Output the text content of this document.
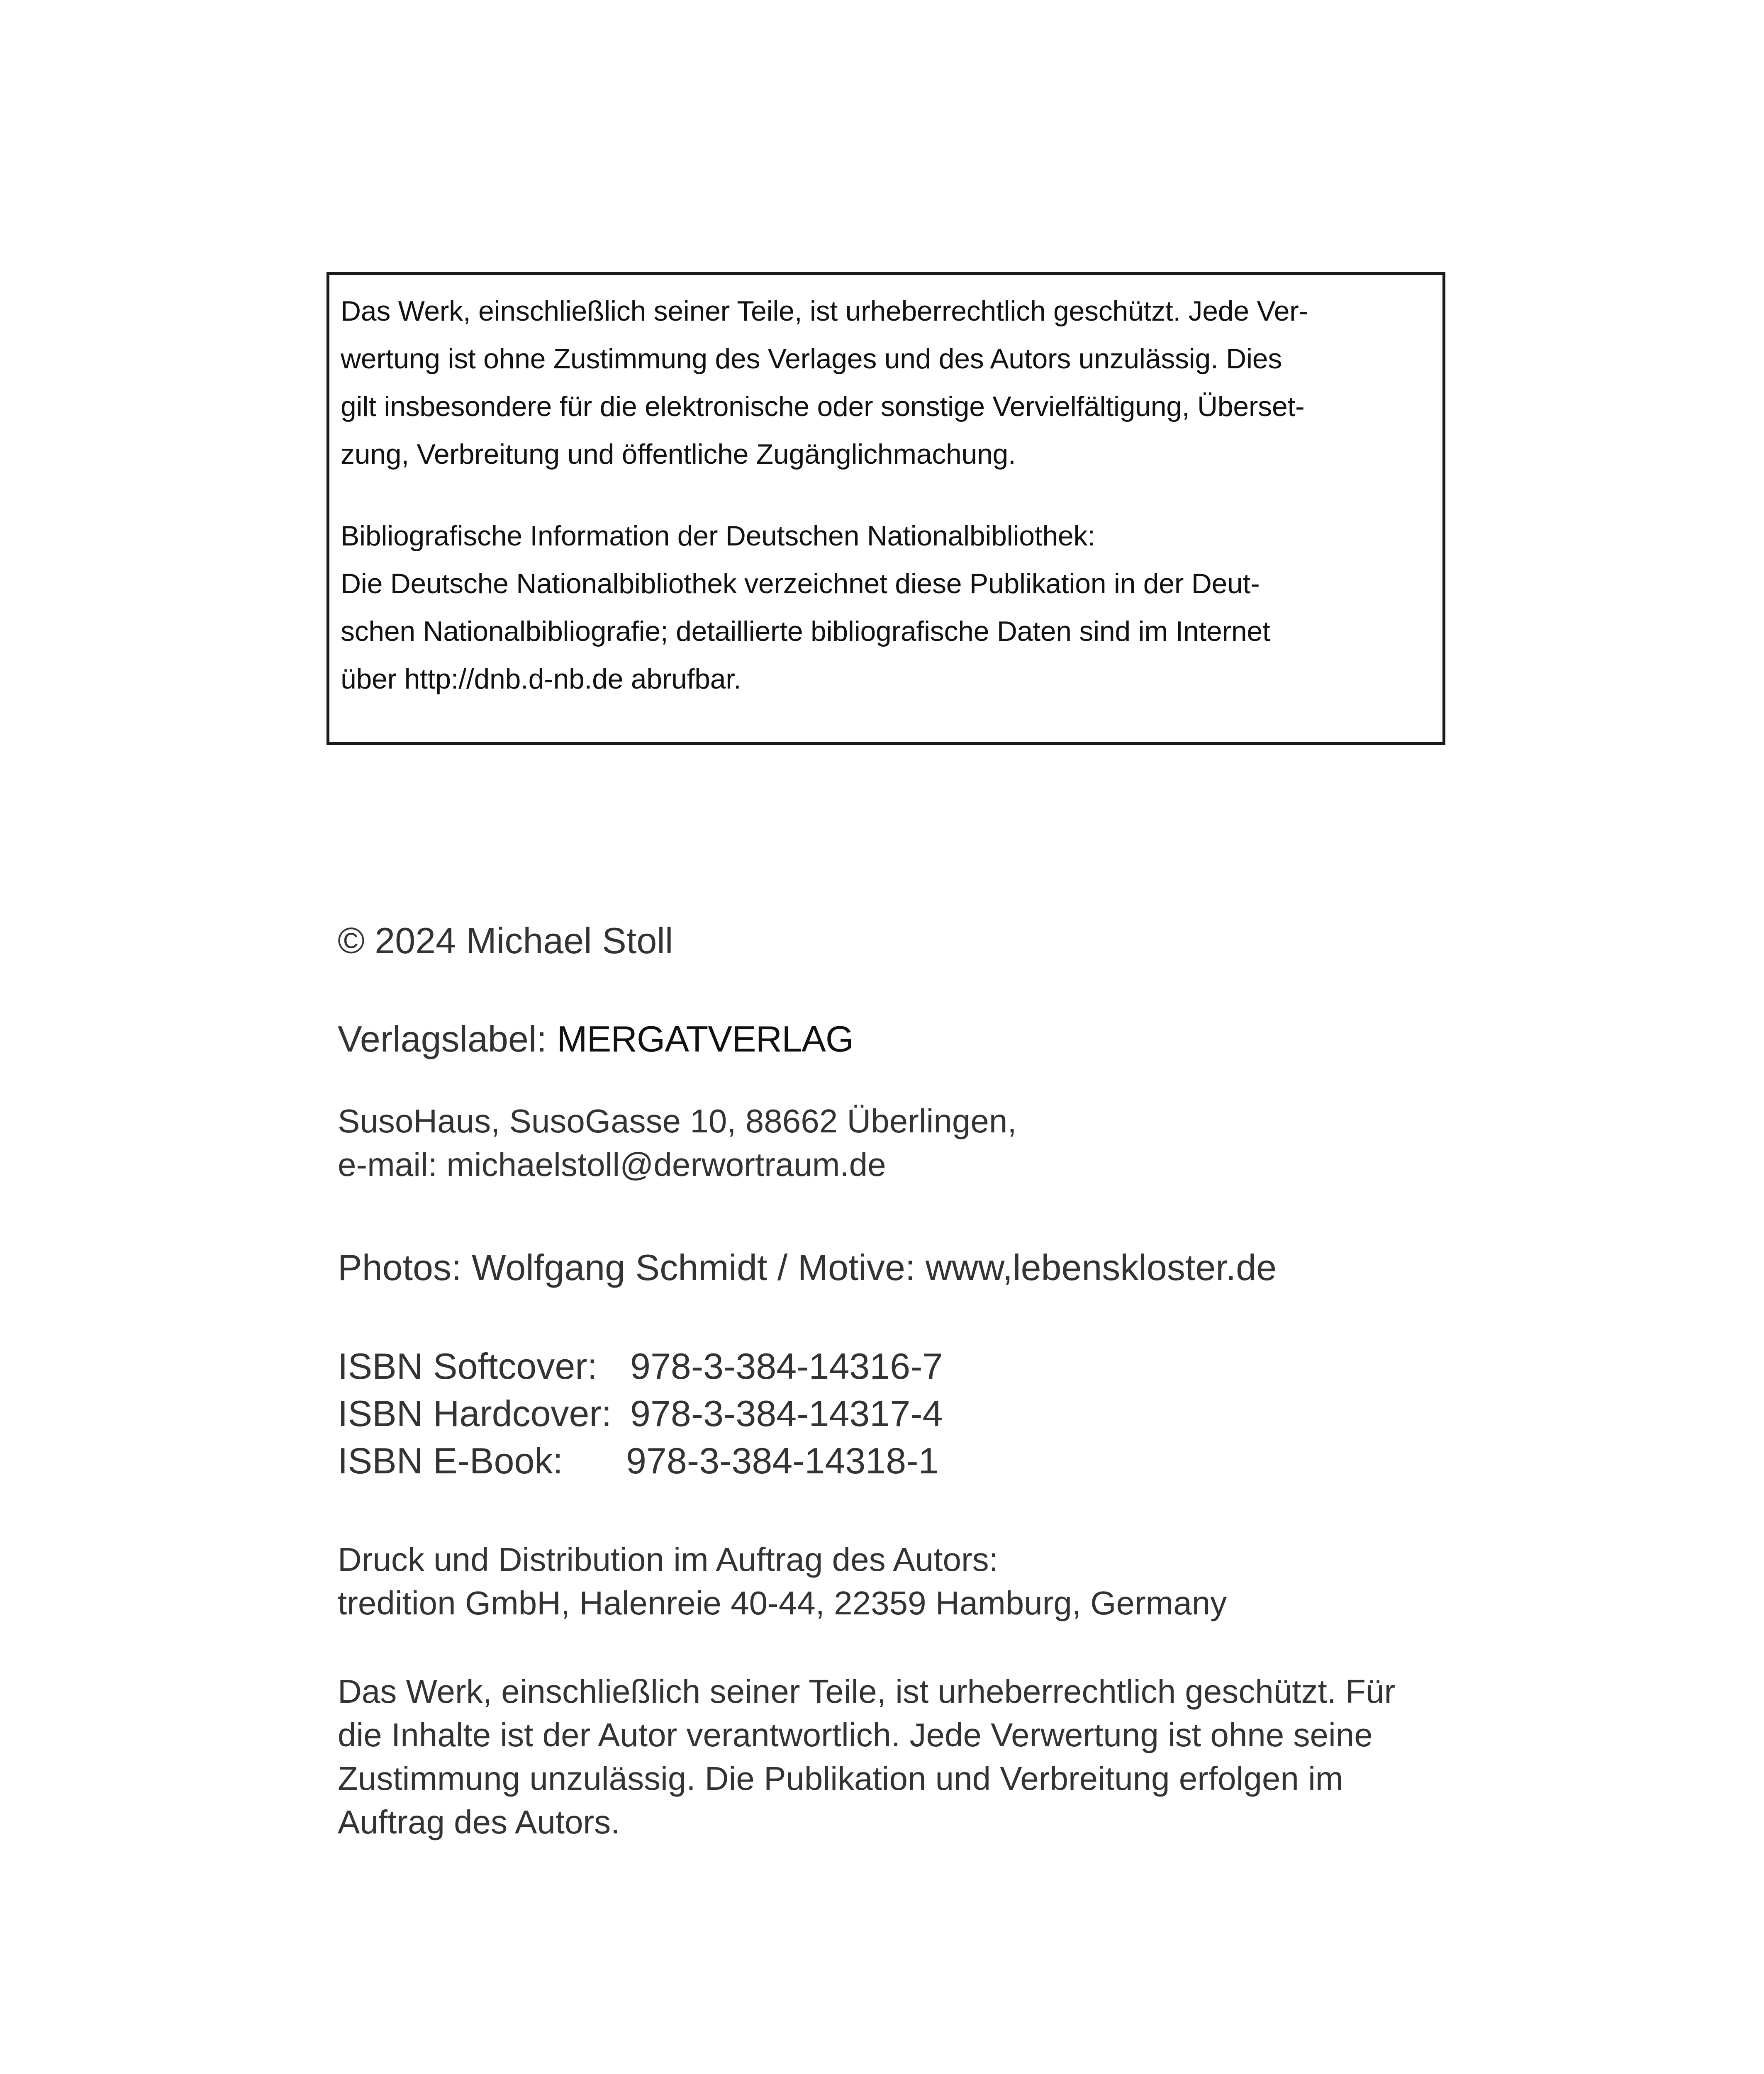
Das Werk, einschließlich seiner Teile, ist urheberrechtlich geschützt. Jede Ver-
wertung ist ohne Zustimmung des Verlages und des Autors unzulässig. Dies
gilt insbesondere für die elektronische oder sonstige Vervielfältigung, Überset-
zung, Verbreitung und öffentliche Zugänglichmachung.

Bibliografische Information der Deutschen Nationalbibliothek:
Die Deutsche Nationalbibliothek verzeichnet diese Publikation in der Deut-
schen Nationalbibliografie; detaillierte bibliografische Daten sind im Internet
über http://dnb.d-nb.de abrufbar.

© 2024 Michael Stoll
Verlagslabel: MERGATVERLAG
SusoHaus, SusoGasse 10, 88662 Überlingen,
e-mail: michaelstoll@derwortraum.de
Photos: Wolfgang Schmidt / Motive: www,lebenskloster.de
ISBN Softcover: 978-3-384-14316-7
ISBN Hardcover: 978-3-384-14317-4
ISBN E-Book: 978-3-384-14318-1
Druck und Distribution im Auftrag des Autors:
tredition GmbH, Halenreie 40-44, 22359 Hamburg, Germany
Das Werk, einschließlich seiner Teile, ist urheberrechtlich geschützt. Für
die Inhalte ist der Autor verantwortlich. Jede Verwertung ist ohne seine
Zustimmung unzulässig. Die Publikation und Verbreitung erfolgen im
Auftrag des Autors.
